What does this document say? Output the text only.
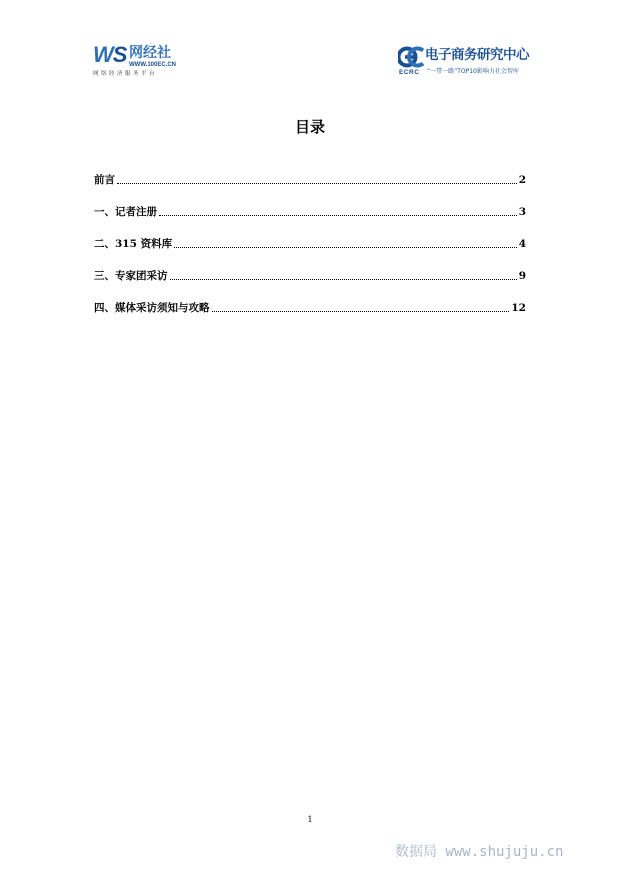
WS 网经社
WWW.100EC.CN
网络经济服务平台	ECRC
电子商务研究中心
“一带一路”TOP10影响力社会智库
目录
前言	2
一、记者注册	3
二、315 资料库	4
三、专家团采访	9
四、媒体采访须知与攻略	12
1
数据局 www.shujuju.cn
